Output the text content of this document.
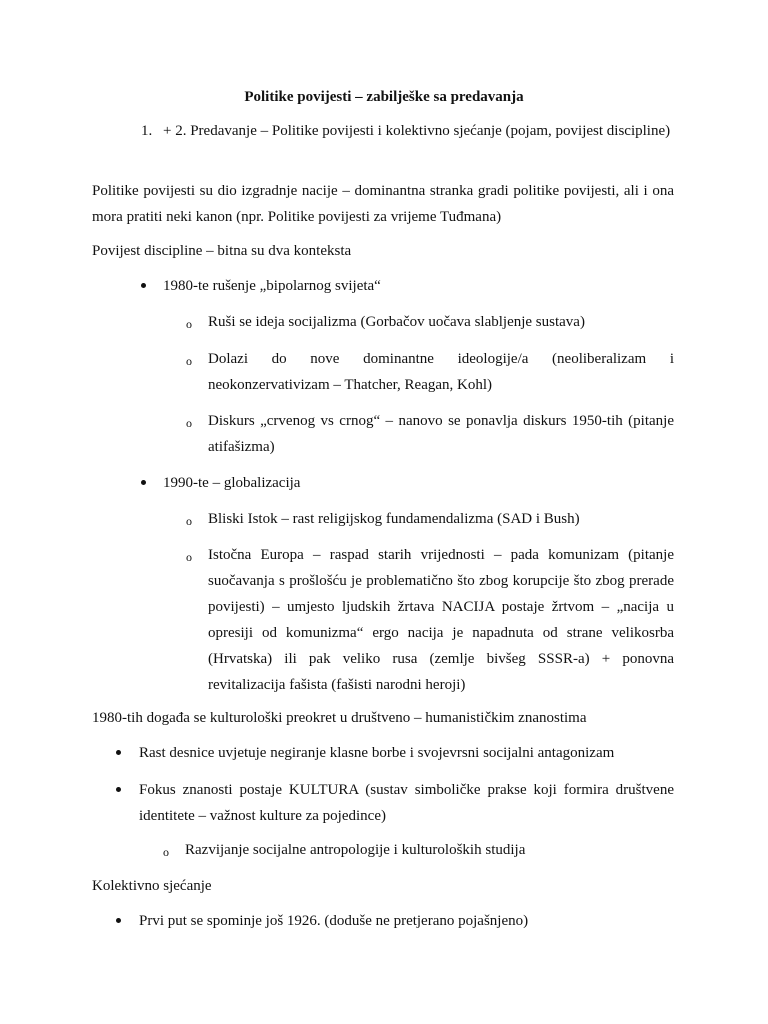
Politike povijesti – zabilješke sa predavanja
1. + 2. Predavanje – Politike povijesti i kolektivno sjećanje (pojam, povijest discipline)
Politike povijesti su dio izgradnje nacije – dominantna stranka gradi politike povijesti, ali i ona mora pratiti neki kanon (npr. Politike povijesti za vrijeme Tuđmana)
Povijest discipline – bitna su dva konteksta
1980-te rušenje „bipolarnog svijeta“
o Ruši se ideja socijalizma (Gorbačov uočava slabljenje sustava)
o Dolazi do nove dominantne ideologije/a (neoliberalizam i neokonzervativizam – Thatcher, Reagan, Kohl)
o Diskurs „crvenog vs crnog“ – nanovo se ponavlja diskurs 1950-tih (pitanje atifašizma)
1990-te – globalizacija
o Bliski Istok – rast religijskog fundamendalizma (SAD i Bush)
o Istočna Europa – raspad starih vrijednosti – pada komunizam (pitanje suočavanja s prošlošću je problematično što zbog korupcije što zbog prerade povijesti) – umjesto ljudskih žrtava NACIJA postaje žrtvom – „nacija u opresiji od komunizma“ ergo nacija je napadnuta od strane velikosrba (Hrvatska) ili pak veliko rusa (zemlje bivšeg SSSR-a) + ponovna revitalizacija fašista (fašisti narodni heroji)
1980-tih događa se kulturološki preokret u društveno – humanističkim znanostima
Rast desnice uvjetuje negiranje klasne borbe i svojevrsni socijalni antagonizam
Fokus znanosti postaje KULTURA (sustav simboličke prakse koji formira društvene identitete – važnost kulture za pojedince)
o Razvijanje socijalne antropologije i kulturoloških studija
Kolektivno sjećanje
Prvi put se spominje još 1926. (doduše ne pretjerano pojašnjeno)
